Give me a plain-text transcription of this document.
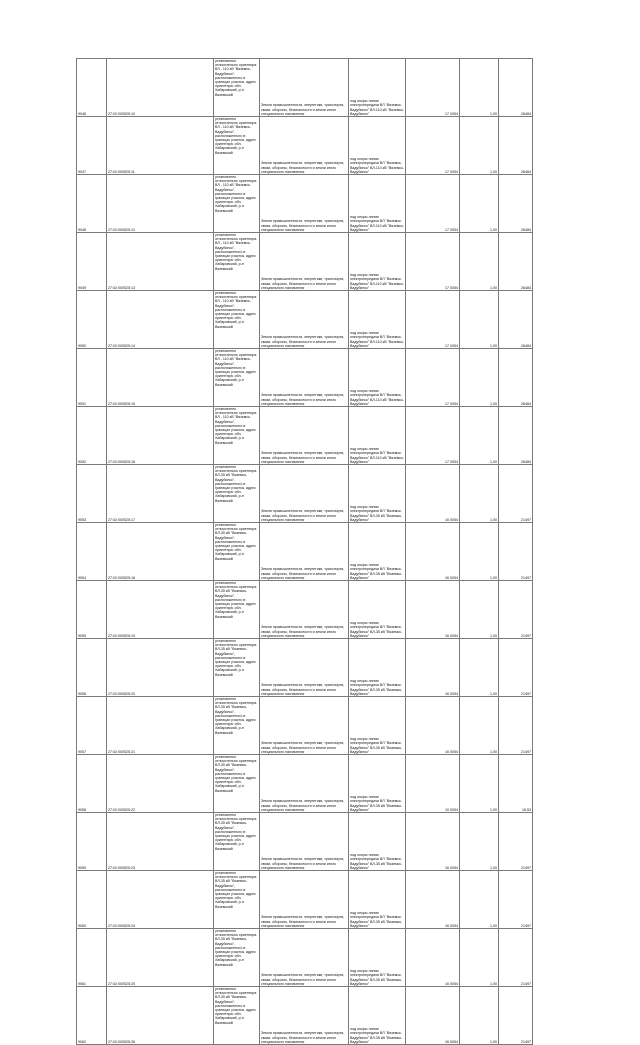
9046	27:02:000525:10	установлено относительно ориентира ВЛ - 110 кВ "Вяземск-Вадубинск", расположенного в границах участка, адрес ориентира: обл. Хабаровский, р-н Вяземский	Земли промышленности, энергетики, транспорта, связи, обороны, безопасности и земли иного специального назначения	под опоры линии электропередачи ВЛ "Вяземск-Вадубинск" ВЛ-110 кВ "Вяземск-Вадубинск"	17 0054	1,00	26484

9047	27:02:000525:11	установлено относительно ориентира ВЛ - 110 кВ "Вяземск-Вадубинск", расположенного в границах участка, адрес ориентира: обл. Хабаровский, р-н Вяземский	Земли промышленности, энергетики, транспорта, связи, обороны, безопасности и земли иного специального назначения	под опоры линии электропередачи ВЛ "Вяземск-Вадубинск" ВЛ-110 кВ "Вяземск-Вадубинск"	17 0054	1,00	26484

9048	27:02:000525:12	установлено относительно ориентира ВЛ - 110 кВ "Вяземск-Вадубинск", расположенного в границах участка, адрес ориентира: обл. Хабаровский, р-н Вяземский	Земли промышленности, энергетики, транспорта, связи, обороны, безопасности и земли иного специального назначения	под опоры линии электропередачи ВЛ "Вяземск-Вадубинск" ВЛ-110 кВ "Вяземск-Вадубинск"	17 0054	1,00	26484

9049	27:02:000525:13	установлено относительно ориентира ВЛ - 110 кВ "Вяземск-Вадубинск", расположенного в границах участка, адрес ориентира: обл. Хабаровский, р-н Вяземский	Земли промышленности, энергетики, транспорта, связи, обороны, безопасности и земли иного специального назначения	под опоры линии электропередачи ВЛ "Вяземск-Вадубинск" ВЛ-110 кВ "Вяземск-Вадубинск"	17 0054	1,00	26484

9050	27:02:000525:14	установлено относительно ориентира ВЛ - 110 кВ "Вяземск-Вадубинск", расположенного в границах участка, адрес ориентира: обл. Хабаровский, р-н Вяземский	Земли промышленности, энергетики, транспорта, связи, обороны, безопасности и земли иного специального назначения	под опоры линии электропередачи ВЛ "Вяземск-Вадубинск" ВЛ-110 кВ "Вяземск-Вадубинск"	17 0054	1,00	26484

9051	27:02:000525:15	установлено относительно ориентира ВЛ - 110 кВ "Вяземск-Вадубинск", расположенного в границах участка, адрес ориентира: обл. Хабаровский, р-н Вяземский	Земли промышленности, энергетики, транспорта, связи, обороны, безопасности и земли иного специального назначения	под опоры линии электропередачи ВЛ "Вяземск-Вадубинск" ВЛ-110 кВ "Вяземск-Вадубинск"	17 0054	1,00	26484

9052	27:02:000525:16	установлено относительно ориентира ВЛ - 110 кВ "Вяземск-Вадубинск", расположенного в границах участка, адрес ориентира: обл. Хабаровский, р-н Вяземский	Земли промышленности, энергетики, транспорта, связи, обороны, безопасности и земли иного специального назначения	под опоры линии электропередачи ВЛ "Вяземск-Вадубинск" ВЛ-110 кВ "Вяземск-Вадубинск"	17 0054	1,00	26484

9053	27:02:000525:17	установлено относительно ориентира ВЛ-35 кВ "Вяземск-Вадубинск", расположенного в границах участка, адрес ориентира: обл. Хабаровский, р-н Вяземский	Земли промышленности, энергетики, транспорта, связи, обороны, безопасности и земли иного специального назначения	под опоры линии электропередачи ВЛ "Вяземск-Вадубинск" ВЛ-35 кВ "Вяземск-Вадубинск"	16 0054	1,00	21497

9054	27:02:000525:18	установлено относительно ориентира ВЛ-35 кВ "Вяземск-Вадубинск", расположенного в границах участка, адрес ориентира: обл. Хабаровский, р-н Вяземский	Земли промышленности, энергетики, транспорта, связи, обороны, безопасности и земли иного специального назначения	под опоры линии электропередачи ВЛ "Вяземск-Вадубинск" ВЛ-35 кВ "Вяземск-Вадубинск"	16 0054	1,00	21497

9055	27:02:000525:19	установлено относительно ориентира ВЛ-35 кВ "Вяземск-Вадубинск", расположенного в границах участка, адрес ориентира: обл. Хабаровский, р-н Вяземский	Земли промышленности, энергетики, транспорта, связи, обороны, безопасности и земли иного специального назначения	под опоры линии электропередачи ВЛ "Вяземск-Вадубинск" ВЛ-35 кВ "Вяземск-Вадубинск"	16 0054	1,00	21497

9056	27:02:000525:20	установлено относительно ориентира ВЛ-35 кВ "Вяземск-Вадубинск", расположенного в границах участка, адрес ориентира: обл. Хабаровский, р-н Вяземский	Земли промышленности, энергетики, транспорта, связи, обороны, безопасности и земли иного специального назначения	под опоры линии электропередачи ВЛ "Вяземск-Вадубинск" ВЛ-35 кВ "Вяземск-Вадубинск"	16 0054	1,00	21497

9057	27:02:000525:21	установлено относительно ориентира ВЛ-35 кВ "Вяземск-Вадубинск", расположенного в границах участка, адрес ориентира: обл. Хабаровский, р-н Вяземский	Земли промышленности, энергетики, транспорта, связи, обороны, безопасности и земли иного специального назначения	под опоры линии электропередачи ВЛ "Вяземск-Вадубинск" ВЛ-35 кВ "Вяземск-Вадубинск"	16 0054	1,00	21497

9058	27:02:000525:22	установлено относительно ориентира ВЛ-35 кВ "Вяземск-Вадубинск", расположенного в границах участка, адрес ориентира: обл. Хабаровский, р-н Вяземский	Земли промышленности, энергетики, транспорта, связи, обороны, безопасности и земли иного специального назначения	под опоры линии электропередачи ВЛ "Вяземск-Вадубинск" ВЛ-35 кВ "Вяземск-Вадубинск"	10 0054	1,00	16,53

9059	27:02:000525:23	установлено относительно ориентира ВЛ-35 кВ "Вяземск-Вадубинск", расположенного в границах участка, адрес ориентира: обл. Хабаровский, р-н Вяземский	Земли промышленности, энергетики, транспорта, связи, обороны, безопасности и земли иного специального назначения	под опоры линии электропередачи ВЛ "Вяземск-Вадубинск" ВЛ-35 кВ "Вяземск-Вадубинск"	16 0054	1,00	21497

9060	27:02:000525:24	установлено относительно ориентира ВЛ-35 кВ "Вяземск-Вадубинск", расположенного в границах участка, адрес ориентира: обл. Хабаровский, р-н Вяземский	Земли промышленности, энергетики, транспорта, связи, обороны, безопасности и земли иного специального назначения	под опоры линии электропередачи ВЛ "Вяземск-Вадубинск" ВЛ-35 кВ "Вяземск-Вадубинск"	16 0054	1,00	21497

9061	27:02:000525:25	установлено относительно ориентира ВЛ-35 кВ "Вяземск-Вадубинск", расположенного в границах участка, адрес ориентира: обл. Хабаровский, р-н Вяземский	Земли промышленности, энергетики, транспорта, связи, обороны, безопасности и земли иного специального назначения	под опоры линии электропередачи ВЛ "Вяземск-Вадубинск" ВЛ-35 кВ "Вяземск-Вадубинск"	16 0054	1,00	21497

9062	27:02:000525:26	установлено относительно ориентира ВЛ-35 кВ "Вяземск-Вадубинск", расположенного в границах участка, адрес ориентира: обл. Хабаровский, р-н Вяземский	Земли промышленности, энергетики, транспорта, связи, обороны, безопасности и земли иного специального назначения	под опоры линии электропередачи ВЛ "Вяземск-Вадубинск" ВЛ-35 кВ "Вяземск-Вадубинск"	16 0054	1,00	21497
